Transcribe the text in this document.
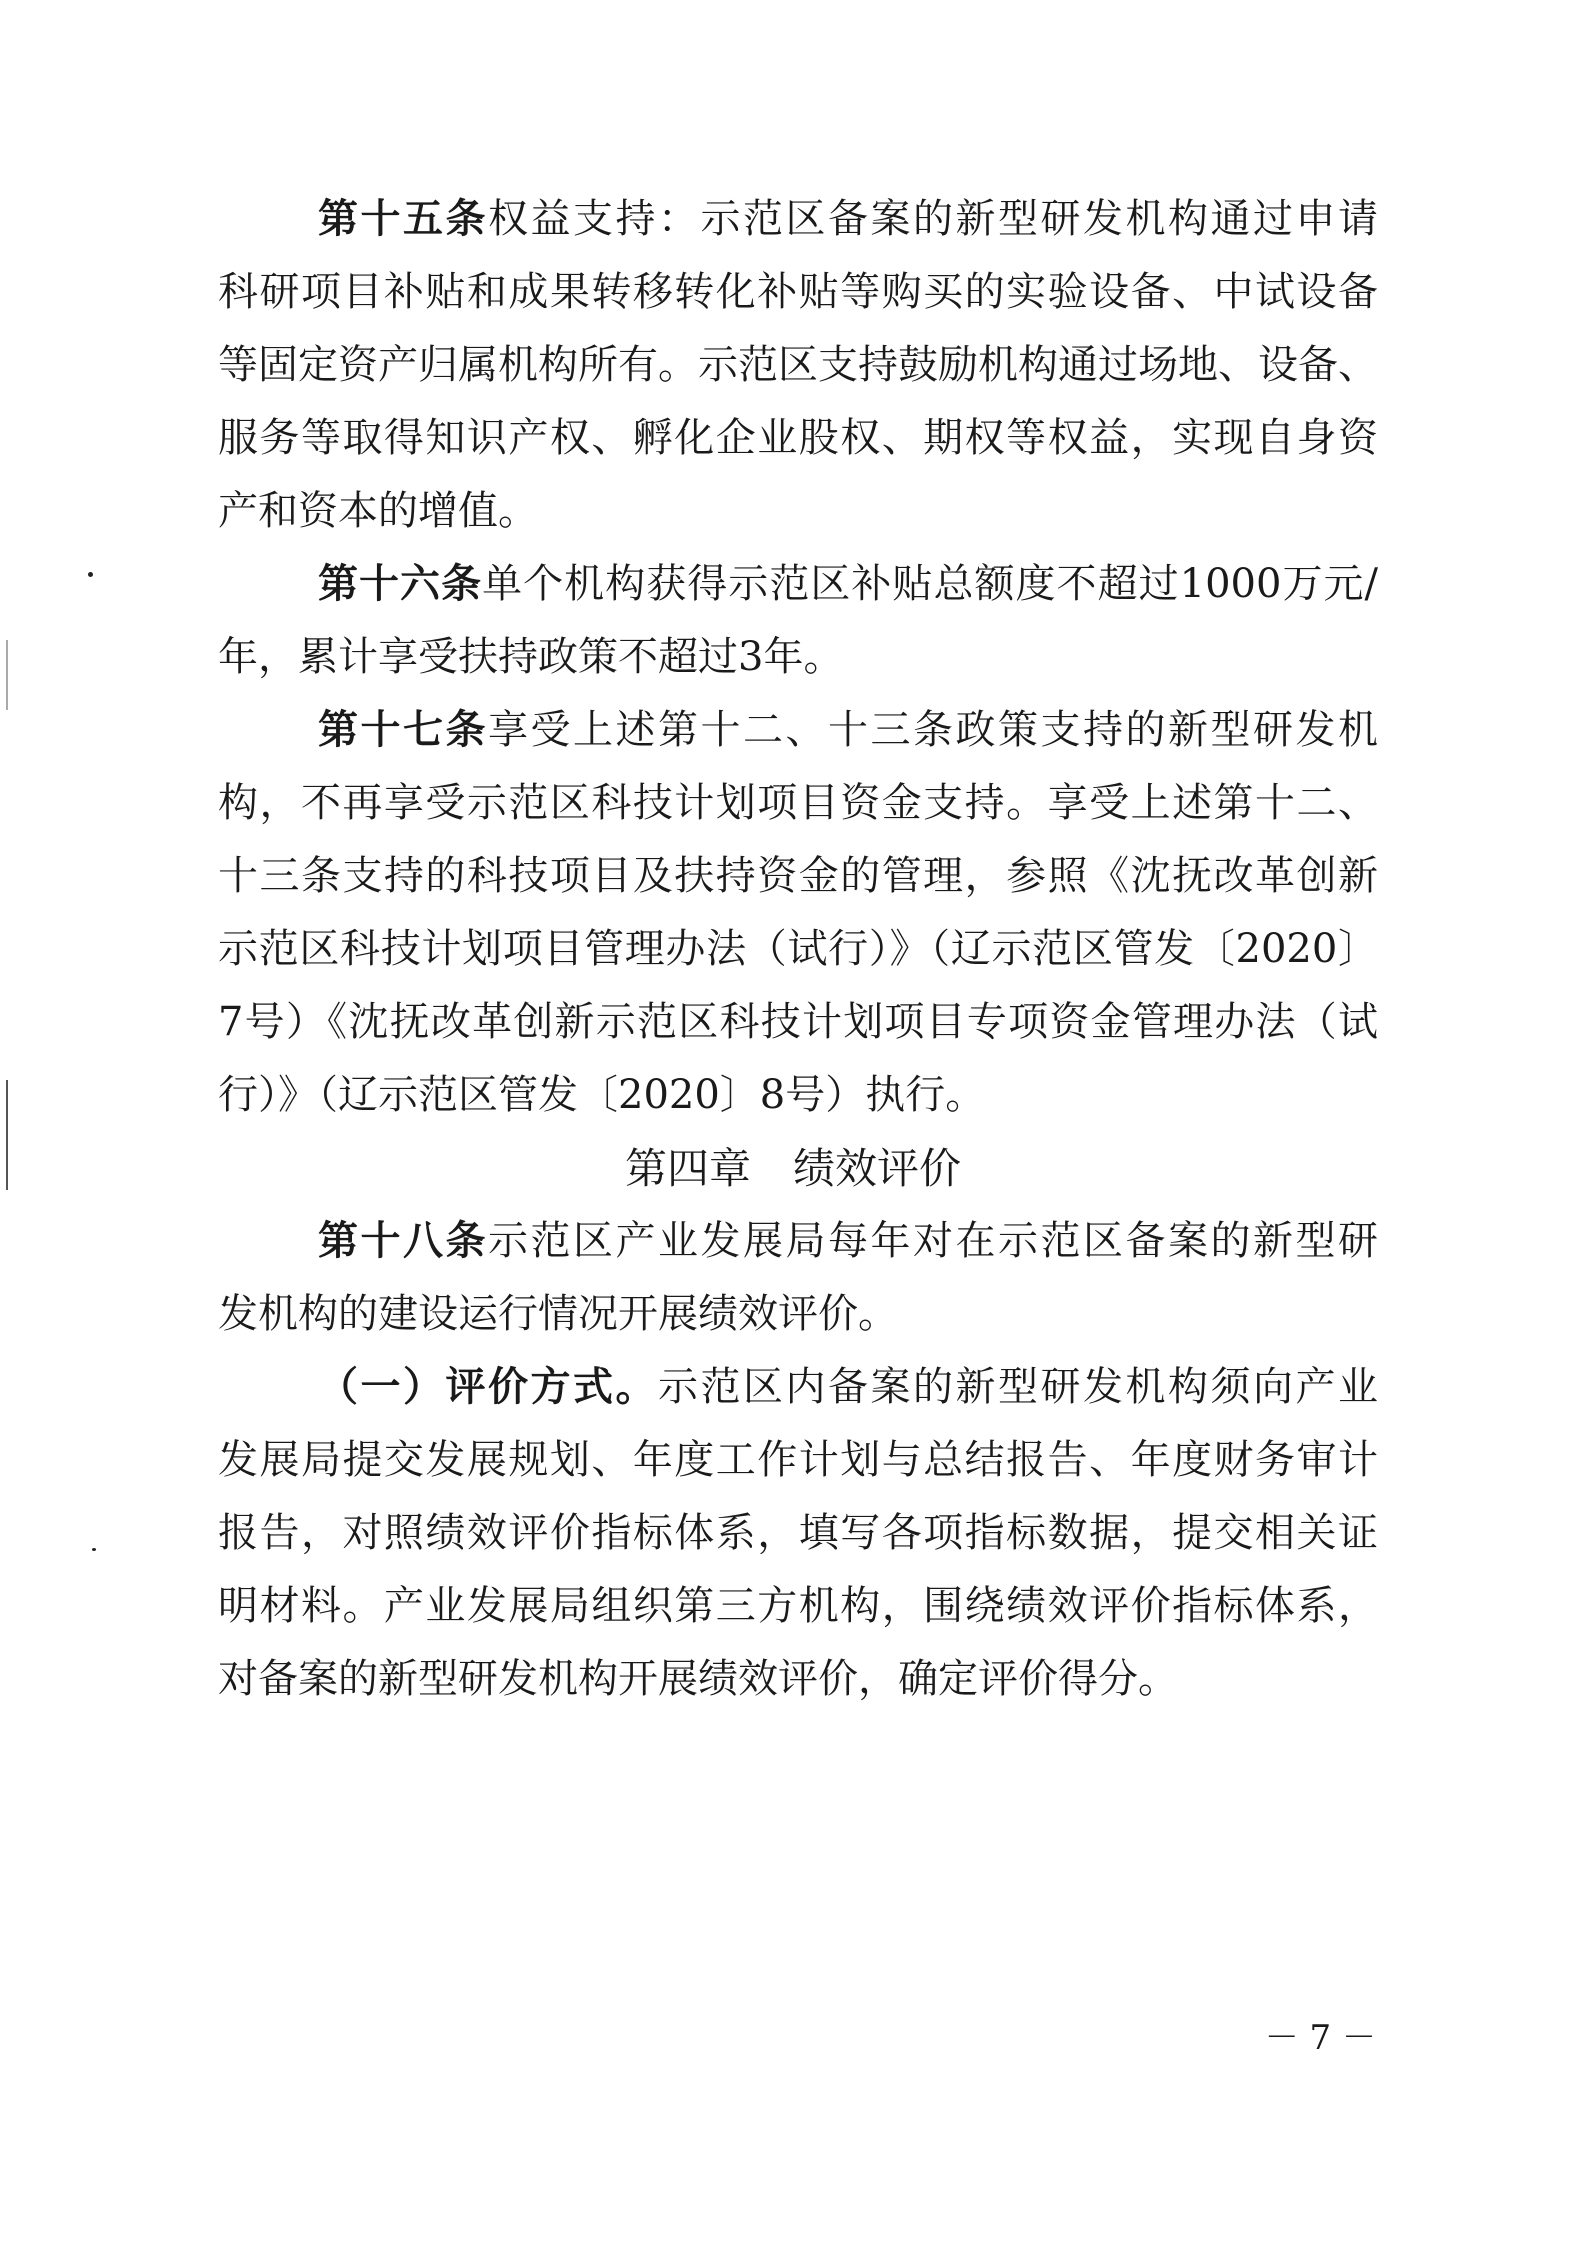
第十五条权益支持：示范区备案的新型研发机构通过申请
科研项目补贴和成果转移转化补贴等购买的实验设备、中试设备
等固定资产归属机构所有。示范区支持鼓励机构通过场地、设备、
服务等取得知识产权、孵化企业股权、期权等权益，实现自身资
产和资本的增值。
第十六条单个机构获得示范区补贴总额度不超过1000万元/
年，累计享受扶持政策不超过3年。
第十七条享受上述第十二、十三条政策支持的新型研发机
构，不再享受示范区科技计划项目资金支持。享受上述第十二、
十三条支持的科技项目及扶持资金的管理，参照《沈抚改革创新
示范区科技计划项目管理办法（试行）》（辽示范区管发〔2020〕
7号）《沈抚改革创新示范区科技计划项目专项资金管理办法（试
行）》（辽示范区管发〔2020〕8号）执行。
第四章　绩效评价
第十八条示范区产业发展局每年对在示范区备案的新型研
发机构的建设运行情况开展绩效评价。
（一）评价方式。示范区内备案的新型研发机构须向产业
发展局提交发展规划、年度工作计划与总结报告、年度财务审计
报告，对照绩效评价指标体系，填写各项指标数据，提交相关证
明材料。产业发展局组织第三方机构，围绕绩效评价指标体系，
对备案的新型研发机构开展绩效评价，确定评价得分。
－ 7 －
